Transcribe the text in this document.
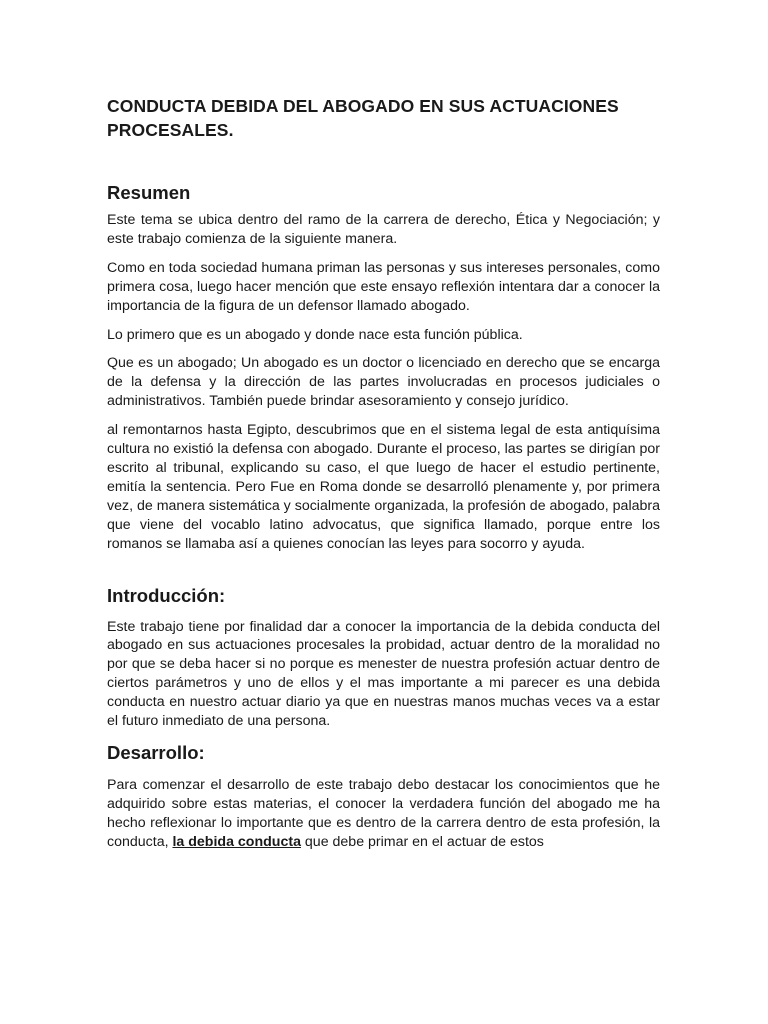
CONDUCTA DEBIDA DEL ABOGADO EN SUS ACTUACIONES PROCESALES.
Resumen

Este tema se ubica dentro del ramo de la carrera de derecho, Ética y Negociación; y este trabajo comienza de la siguiente manera.

Como en toda sociedad humana priman las personas y sus intereses personales, como primera cosa, luego hacer mención que este ensayo reflexión intentara dar a conocer la importancia de la figura de un defensor llamado abogado.

Lo primero que es un abogado y donde nace esta función pública.

Que es un abogado; Un abogado es un doctor o licenciado en derecho que se encarga de la defensa y la dirección de las partes involucradas en procesos judiciales o administrativos. También puede brindar asesoramiento y consejo jurídico.

al remontarnos hasta Egipto, descubrimos que en el sistema legal de esta antiquísima cultura no existió la defensa con abogado. Durante el proceso, las partes se dirigían por escrito al tribunal, explicando su caso, el que luego de hacer el estudio pertinente, emitía la sentencia. Pero Fue en Roma donde se desarrolló plenamente y, por primera vez, de manera sistemática y socialmente organizada, la profesión de abogado, palabra que viene del vocablo latino advocatus, que significa llamado, porque entre los romanos se llamaba así a quienes conocían las leyes para socorro y ayuda.

Introducción:

Este trabajo tiene por finalidad dar a conocer la importancia de la debida conducta del abogado en sus actuaciones procesales la probidad, actuar dentro de la moralidad no por que se deba hacer si no porque es menester de nuestra profesión actuar dentro de ciertos parámetros y uno de ellos y el mas importante a mi parecer es una debida conducta en nuestro actuar diario ya que en nuestras manos muchas veces va a estar el futuro inmediato de una persona.

Desarrollo:

Para comenzar el desarrollo de este trabajo debo destacar los conocimientos que he adquirido sobre estas materias, el conocer la verdadera función del abogado me ha hecho reflexionar lo importante que es dentro de la carrera dentro de esta profesión, la conducta, la debida conducta que debe primar en el actuar de estos
